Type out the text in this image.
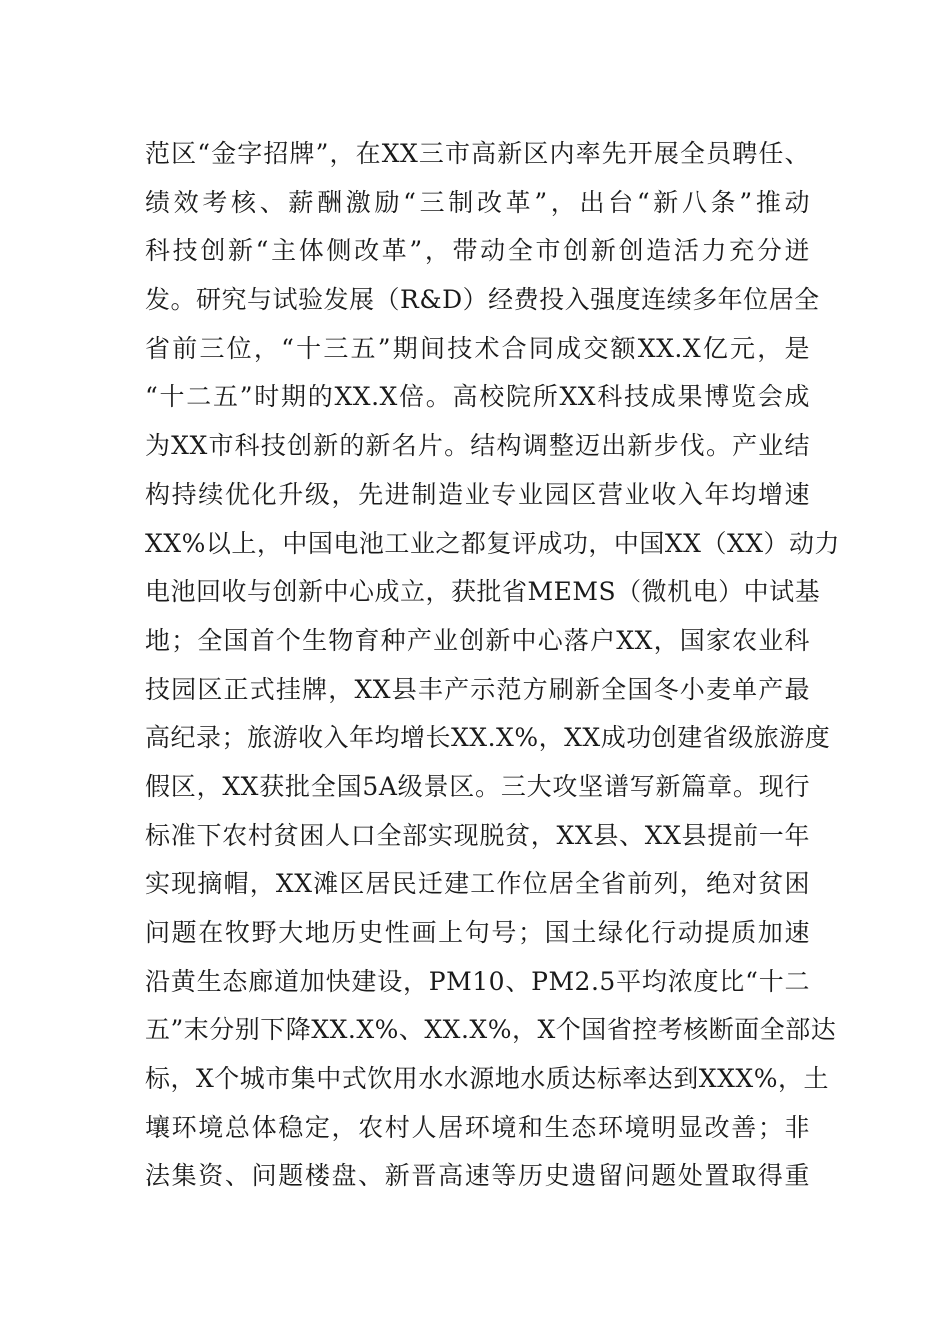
范区“金字招牌”，在XX三市高新区内率先开展全员聘任、
绩效考核、薪酬激励“三制改革”，出台“新八条”推动
科技创新“主体侧改革”，带动全市创新创造活力充分迸
发。研究与试验发展（R&D）经费投入强度连续多年位居全
省前三位，“十三五”期间技术合同成交额XX.X亿元，是
“十二五”时期的XX.X倍。高校院所XX科技成果博览会成
为XX市科技创新的新名片。结构调整迈出新步伐。产业结
构持续优化升级，先进制造业专业园区营业收入年均增速
XX%以上，中国电池工业之都复评成功，中国XX（XX）动力
电池回收与创新中心成立，获批省MEMS（微机电）中试基
地；全国首个生物育种产业创新中心落户XX，国家农业科
技园区正式挂牌，XX县丰产示范方刷新全国冬小麦单产最
高纪录；旅游收入年均增长XX.X%，XX成功创建省级旅游度
假区，XX获批全国5A级景区。三大攻坚谱写新篇章。现行
标准下农村贫困人口全部实现脱贫，XX县、XX县提前一年
实现摘帽，XX滩区居民迁建工作位居全省前列，绝对贫困
问题在牧野大地历史性画上句号；国土绿化行动提质加速
沿黄生态廊道加快建设，PM10、PM2.5平均浓度比“十二
五”末分别下降XX.X%、XX.X%，X个国省控考核断面全部达
标，X个城市集中式饮用水水源地水质达标率达到XXX%，土
壤环境总体稳定，农村人居环境和生态环境明显改善；非
法集资、问题楼盘、新晋高速等历史遗留问题处置取得重
